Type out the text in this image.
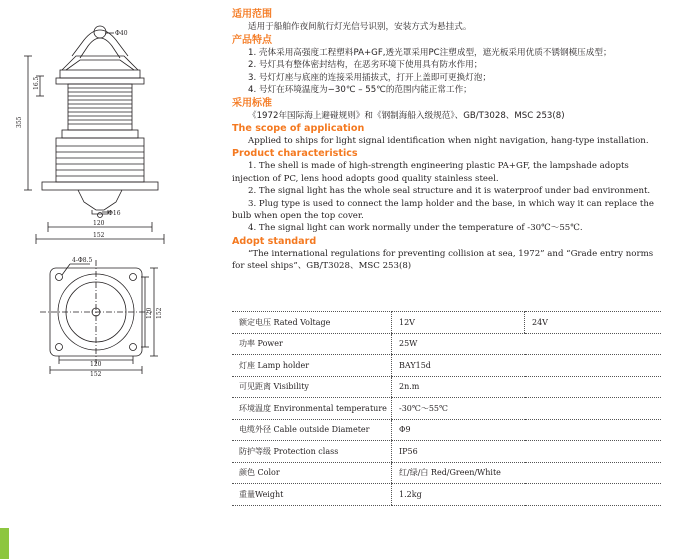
Φ40
16.5
355
Φ16
120
152
4-Φ8.5
120 152
120
152

适用范围

适用于船舶作夜间航行灯光信号识别，安装方式为悬挂式。

产品特点

1. 壳体采用高强度工程塑料PA+GF,透光罩采用PC注塑成型，遮光板采用优质不锈钢模压成型；

2. 号灯具有整体密封结构，在恶劣环境下使用具有防水作用；

3. 号灯灯座与底座的连接采用插拔式，打开上盖即可更换灯泡；

4. 号灯在环境温度为−30℃ – 55℃的范围内能正常工作；

采用标准

《1972年国际海上避碰规则》和《钢制海船入级规范》、GB/T3028、MSC 253(8)

The scope of application

Applied to ships for light signal identification when night navigation, hang-type installation.

Product characteristics

1. The shell is made of high-strength engineering plastic PA+GF, the lampshade adopts injection of PC, lens hood adopts good quality stainless steel.

2. The signal light has the whole seal structure and it is waterproof under bad environment.

3. Plug type is used to connect the lamp holder and the base, in which way it can replace the bulb when open the top cover.

4. The signal light can work normally under the temperature of -30℃～55℃.

Adopt standard

“The international regulations for preventing collision at sea, 1972” and “Grade entry norms for steel ships”、GB/T3028、MSC 253(8)

额定电压 Rated Voltage	12V	24V
功率 Power	25W	
灯座 Lamp holder	BAY15d	
可见距离 Visibility	2n.m	
环境温度 Environmental temperature	-30℃～55℃	
电缆外径 Cable outside Diameter	Φ9	
防护等级 Protection class	IP56	
颜色 Color	红/绿/白 Red/Green/White	
重量Weight	1.2kg	
